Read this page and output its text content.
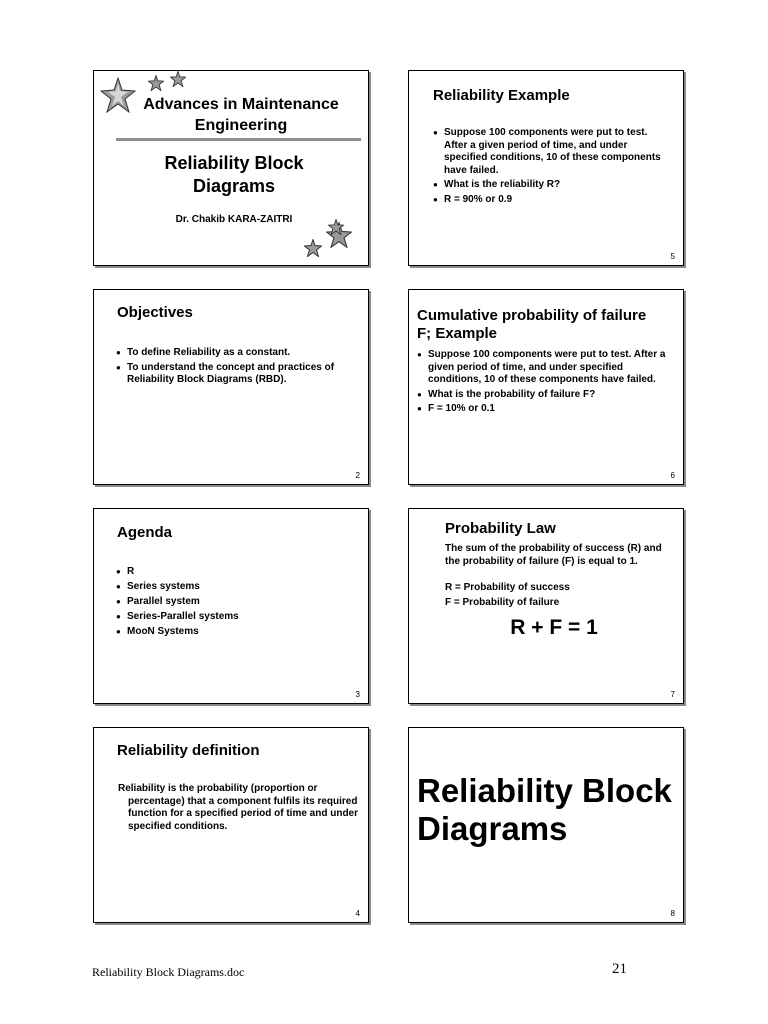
Advances in Maintenance
Engineering
Reliability Block
Diagrams
Dr. Chakib KARA-ZAITRI
Objectives
● To define Reliability as a constant.
● To understand the concept and practices of Reliability Block Diagrams (RBD).
2
Agenda
● R
● Series systems
● Parallel system
● Series-Parallel systems
● MooN Systems
3
Reliability definition
Reliability is the probability (proportion or percentage) that a component fulfils its required function for a specified period of time and under specified conditions.
4
Reliability Example
● Suppose 100 components were put to test. After a given period of time, and under specified conditions, 10 of these components have failed.
● What is the reliability R?
● R = 90% or 0.9
5
Cumulative probability of failure
F; Example
● Suppose 100 components were put to test. After a given period of time, and under specified conditions, 10 of these components have failed.
● What is the probability of failure F?
● F = 10% or 0.1
6
Probability Law
The sum of the probability of success (R) and the probability of failure (F) is equal to 1.
R = Probability of success
F = Probability of failure
R + F = 1
7
Reliability Block
Diagrams
8
Reliability Block Diagrams.doc	21
